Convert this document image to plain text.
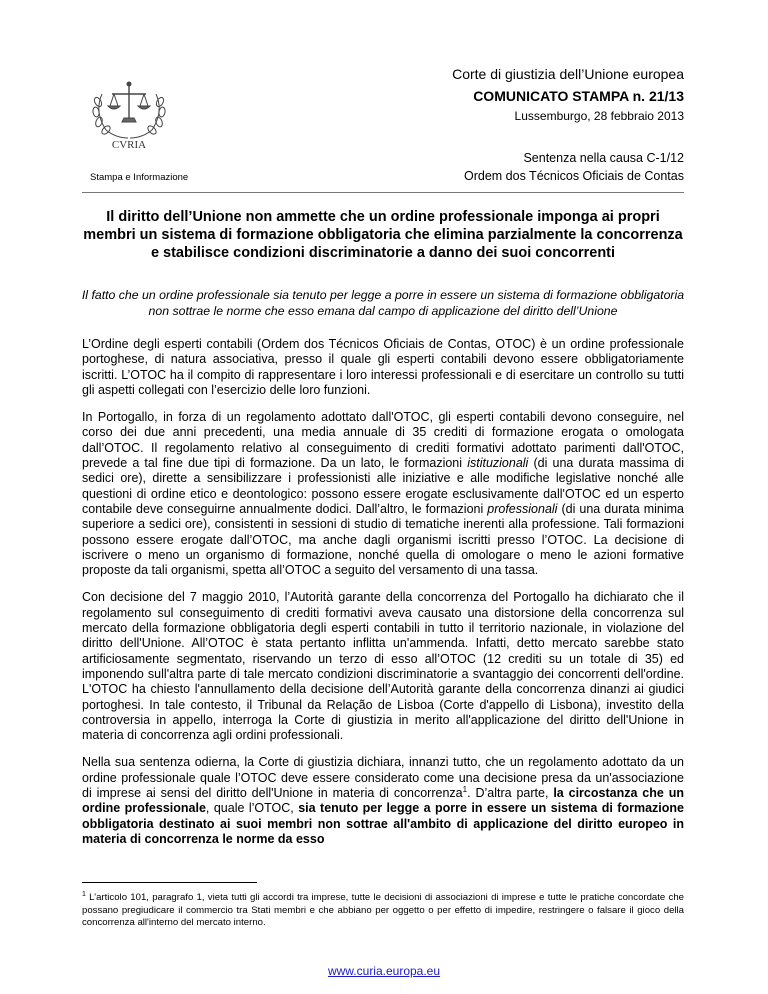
CVRIA
Stampa e Informazione
Corte di giustizia dell’Unione europea
COMUNICATO STAMPA n. 21/13
Lussemburgo, 28 febbraio 2013
Sentenza nella causa C-1/12
Ordem dos Técnicos Oficiais de Contas
Il diritto dell’Unione non ammette che un ordine professionale imponga ai propri membri un sistema di formazione obbligatoria che elimina parzialmente la concorrenza e stabilisce condizioni discriminatorie a danno dei suoi concorrenti
Il fatto che un ordine professionale sia tenuto per legge a porre in essere un sistema di formazione obbligatoria non sottrae le norme che esso emana dal campo di applicazione del diritto dell’Unione

L’Ordine degli esperti contabili (Ordem dos Técnicos Oficiais de Contas, OTOC) è un ordine professionale portoghese, di natura associativa, presso il quale gli esperti contabili devono essere obbligatoriamente iscritti. L’OTOC ha il compito di rappresentare i loro interessi professionali e di esercitare un controllo su tutti gli aspetti collegati con l’esercizio delle loro funzioni.

In Portogallo, in forza di un regolamento adottato dall'OTOC, gli esperti contabili devono conseguire, nel corso dei due anni precedenti, una media annuale di 35 crediti di formazione erogata o omologata dall’OTOC. Il regolamento relativo al conseguimento di crediti formativi adottato parimenti dall'OTOC, prevede a tal fine due tipi di formazione. Da un lato, le formazioni istituzionali (di una durata massima di sedici ore), dirette a sensibilizzare i professionisti alle iniziative e alle modifiche legislative nonché alle questioni di ordine etico e deontologico: possono essere erogate esclusivamente dall'OTOC ed un esperto contabile deve conseguirne annualmente dodici. Dall’altro, le formazioni professionali (di una durata minima superiore a sedici ore), consistenti in sessioni di studio di tematiche inerenti alla professione. Tali formazioni possono essere erogate dall’OTOC, ma anche dagli organismi iscritti presso l’OTOC. La decisione di iscrivere o meno un organismo di formazione, nonché quella di omologare o meno le azioni formative proposte da tali organismi, spetta all’OTOC a seguito del versamento di una tassa.

Con decisione del 7 maggio 2010, l’Autorità garante della concorrenza del Portogallo ha dichiarato che il regolamento sul conseguimento di crediti formativi aveva causato una distorsione della concorrenza sul mercato della formazione obbligatoria degli esperti contabili in tutto il territorio nazionale, in violazione del diritto dell'Unione. All’OTOC è stata pertanto inflitta un'ammenda. Infatti, detto mercato sarebbe stato artificiosamente segmentato, riservando un terzo di esso all’OTOC (12 crediti su un totale di 35) ed imponendo sull'altra parte di tale mercato condizioni discriminatorie a svantaggio dei concorrenti dell'ordine. L'OTOC ha chiesto l'annullamento della decisione dell’Autorità garante della concorrenza dinanzi ai giudici portoghesi. In tale contesto, il Tribunal da Relação de Lisboa (Corte d'appello di Lisbona), investito della controversia in appello, interroga la Corte di giustizia in merito all'applicazione del diritto dell'Unione in materia di concorrenza agli ordini professionali.

Nella sua sentenza odierna, la Corte di giustizia dichiara, innanzi tutto, che un regolamento adottato da un ordine professionale quale l’OTOC deve essere considerato come una decisione presa da un'associazione di imprese ai sensi del diritto dell'Unione in materia di concorrenza$^1$. D’altra parte, la circostanza che un ordine professionale, quale l’OTOC, sia tenuto per legge a porre in essere un sistema di formazione obbligatoria destinato ai suoi membri non sottrae all'ambito di applicazione del diritto europeo in materia di concorrenza le norme da esso

$^1$ L’articolo 101, paragrafo 1, vieta tutti gli accordi tra imprese, tutte le decisioni di associazioni di imprese e tutte le pratiche concordate che possano pregiudicare il commercio tra Stati membri e che abbiano per oggetto o per effetto di impedire, restringere o falsare il gioco della concorrenza all'interno del mercato interno.
www.curia.europa.eu
